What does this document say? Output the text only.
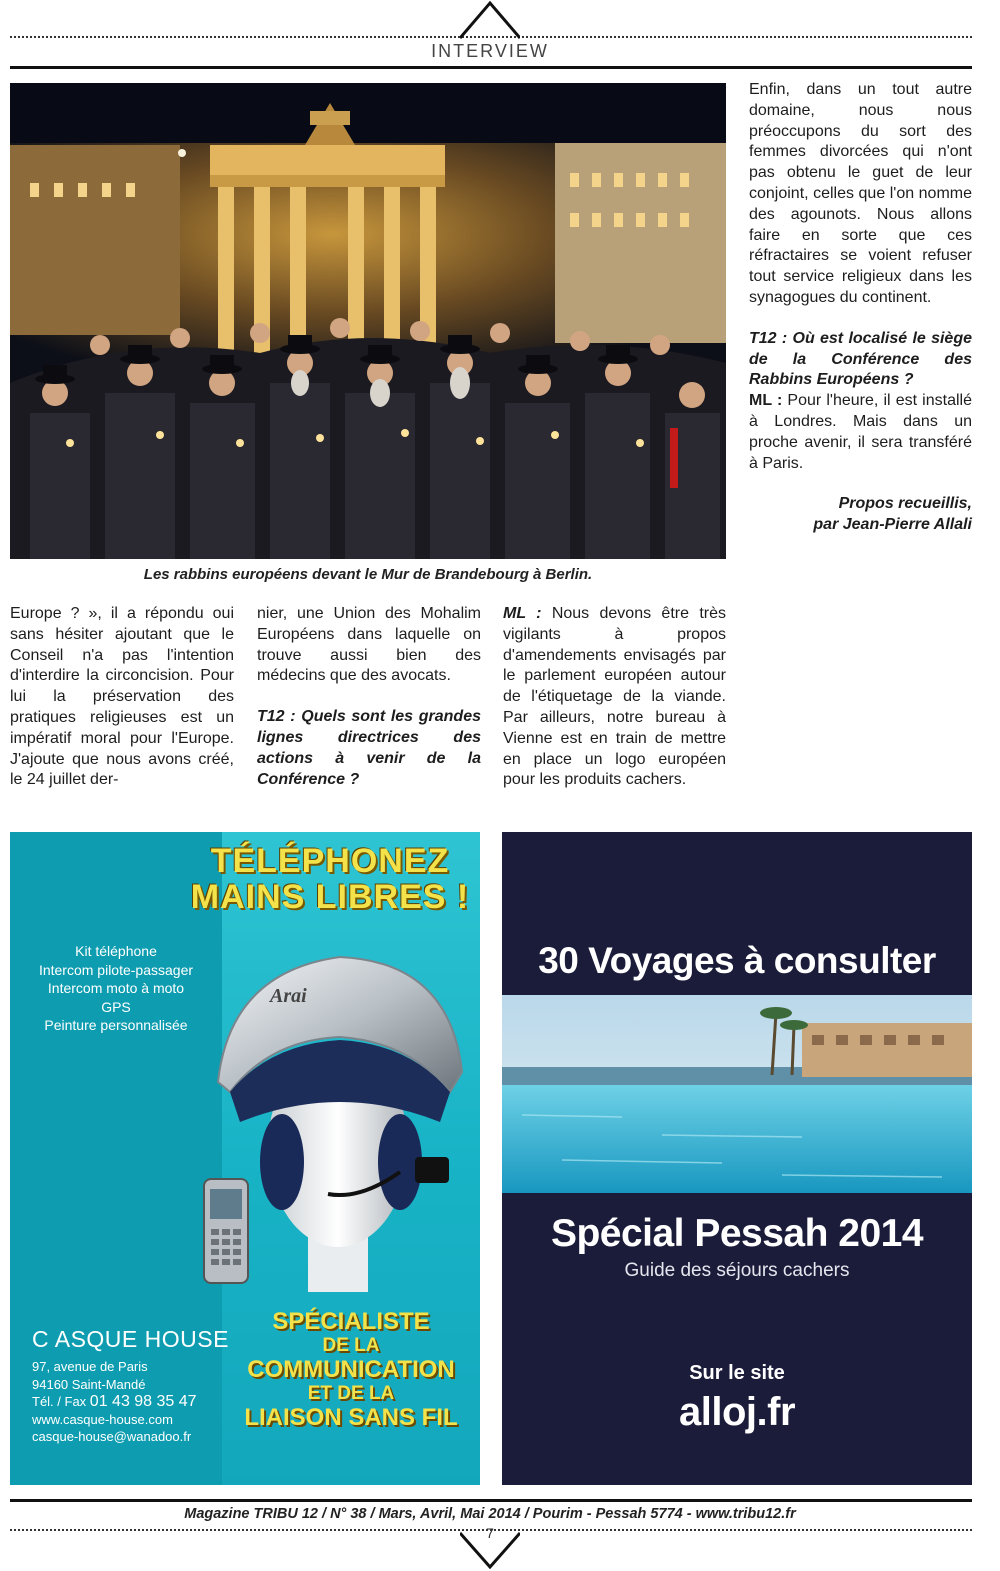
INTERVIEW
Les rabbins européens devant le Mur de Brandebourg à Berlin.

Enfin, dans un tout autre domaine, nous nous préoccupons du sort des femmes divorcées qui n'ont pas obtenu le guet de leur conjoint, celles que l'on nomme des agounots. Nous allons faire en sorte que ces réfractaires se voient refuser tout service religieux dans les synagogues du continent.

T12 : Où est localisé le siège de la Conférence des Rabbins Européens ?

ML : Pour l'heure, il est installé à Londres. Mais dans un proche avenir, il sera transféré à Paris.

Propos recueillis,

par Jean-Pierre Allali

Europe ? », il a répondu oui sans hésiter ajoutant que le Conseil n'a pas l'intention d'interdire la circoncision. Pour lui la préservation des pratiques religieuses est un impératif moral pour l'Europe. J'ajoute que nous avons créé, le 24 juillet der-

nier, une Union des Mohalim Européens dans laquelle on trouve aussi bien des médecins que des avocats.

T12 : Quels sont les grandes lignes directrices des actions à venir de la Conférence ?

ML : Nous devons être très vigilants à propos d'amendements envisagés par le parlement européen autour de l'étiquetage de la viande. Par ailleurs, notre bureau à Vienne est en train de mettre en place un logo européen pour les produits cachers.

TÉLÉPHONEZ
MAINS LIBRES !
Kit téléphone
Intercom pilote-passager
Intercom moto à moto
GPS
Peinture personnalisée
Arai
C ASQUE HOUSE
97, avenue de Paris
94160 Saint-Mandé
Tél. / Fax 01 43 98 35 47
www.casque-house.com
casque-house@wanadoo.fr
SPÉCIALISTE
DE LA
COMMUNICATION
ET DE LA
LIAISON SANS FIL
30 Voyages à consulter
Spécial Pessah 2014
Guide des séjours cachers
Sur le site
alloj.fr
Magazine TRIBU 12 / N° 38 / Mars, Avril, Mai 2014 / Pourim - Pessah 5774 - www.tribu12.fr
7
